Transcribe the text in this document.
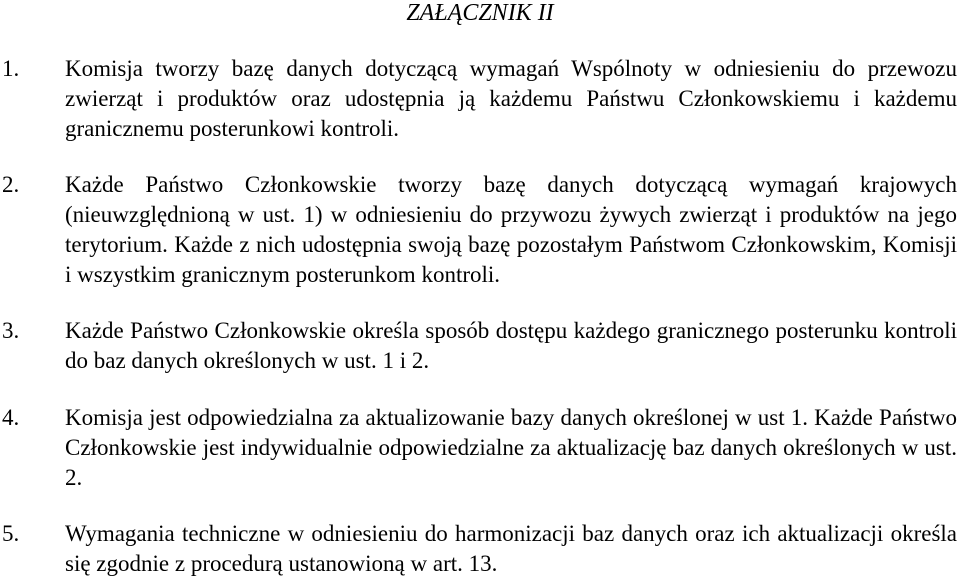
ZAŁĄCZNIK II
1. Komisja tworzy bazę danych dotyczącą wymagań Wspólnoty w odniesieniu do przewozu zwierząt i produktów oraz udostępnia ją każdemu Państwu Członkowskiemu i każdemu granicznemu posterunkowi kontroli.
2. Każde Państwo Członkowskie tworzy bazę danych dotyczącą wymagań krajowych (nieuwzględnioną w ust. 1) w odniesieniu do przywozu żywych zwierząt i produktów na jego terytorium. Każde z nich udostępnia swoją bazę pozostałym Państwom Członkowskim, Komisji i wszystkim granicznym posterunkom kontroli.
3. Każde Państwo Członkowskie określa sposób dostępu każdego granicznego posterunku kontroli do baz danych określonych w ust. 1 i 2.
4. Komisja jest odpowiedzialna za aktualizowanie bazy danych określonej w ust 1. Każde Państwo Członkowskie jest indywidualnie odpowiedzialne za aktualizację baz danych określonych w ust. 2.
5. Wymagania techniczne w odniesieniu do harmonizacji baz danych oraz ich aktualizacji określa się zgodnie z procedurą ustanowioną w art. 13.
